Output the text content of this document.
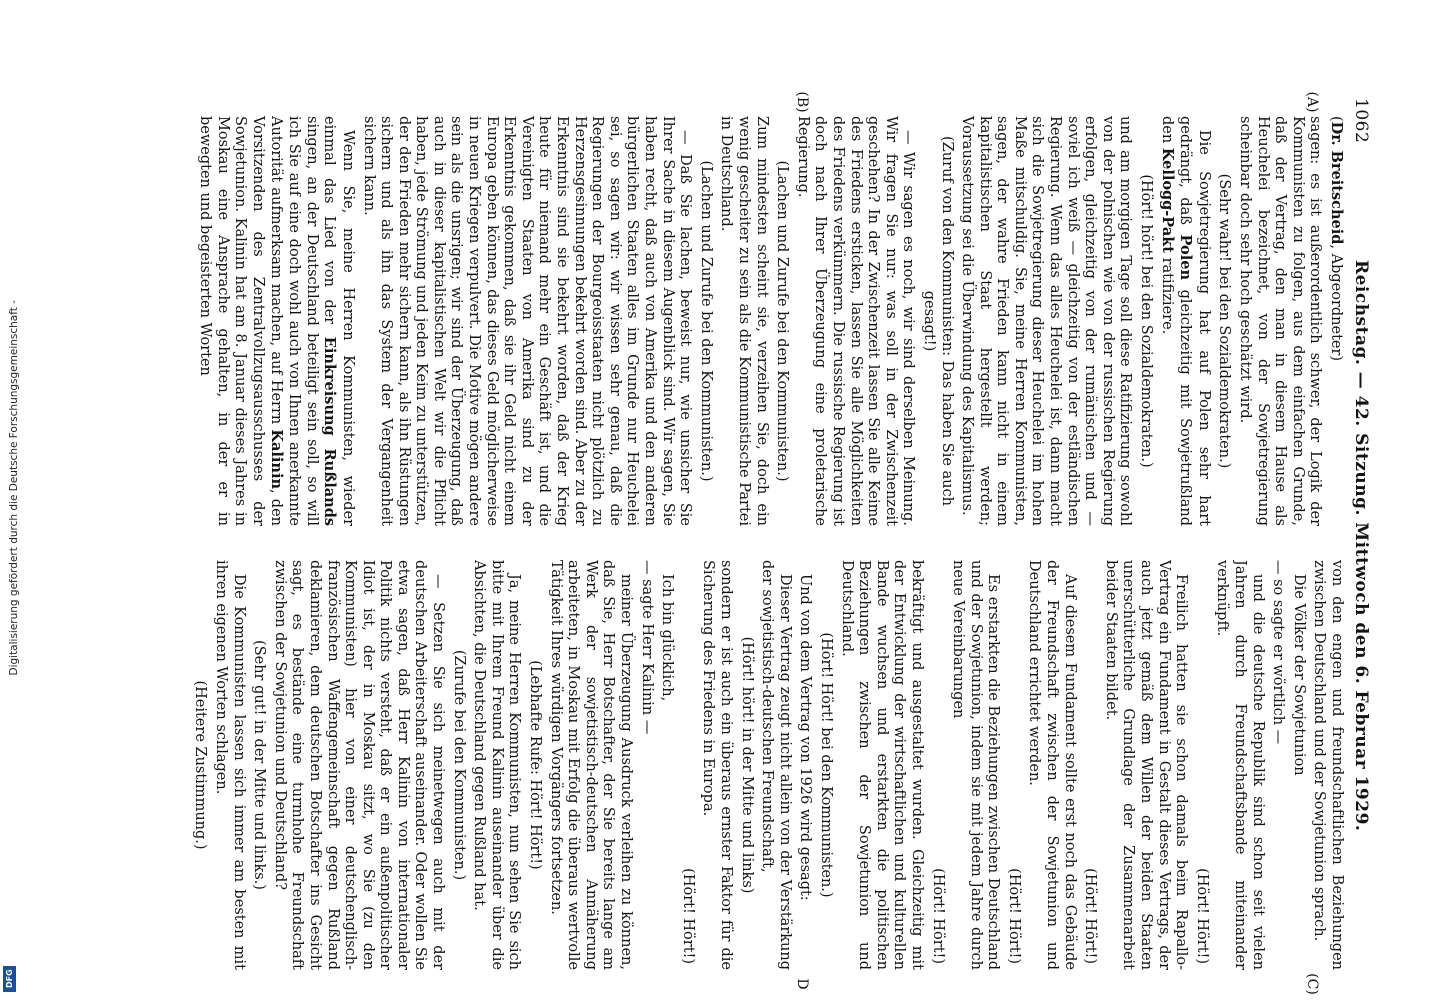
1062
Reichstag. — 42. Sitzung. Mittwoch den 6. Februar 1929.
(A)
(B)
(C)
D

(Dr. Breitscheid, Abgeordneter)

sagen: es ist außerordentlich schwer, der Logik der Kommunisten zu folgen, aus dem einfachen Grunde, daß der Vertrag, den man in diesem Hause als Heuchelei bezeichnet, von der Sowjetregierung scheinbar doch sehr hoch geschätzt wird.

(Sehr wahr! bei den Sozialdemokraten.)

Die Sowjetregierung hat auf Polen sehr hart gedrängt, daß Polen gleichzeitig mit Sowjetrußland den Kellogg-Pakt ratifiziere.

(Hört! hört! bei den Sozialdemokraten.)

und am morgigen Tage soll diese Ratifizierung sowohl von der polnischen wie von der russischen Regierung erfolgen, gleichzeitig von der rumänischen und — soviel ich weiß — gleichzeitig von der estländischen Regierung. Wenn das alles Heuchelei ist, dann macht sich die Sowjetregierung dieser Heuchelei im hohen Maße mitschuldig. Sie, meine Herren Kommunisten, sagen, der wahre Frieden kann nicht in einem kapitalistischen Staat hergestellt werden; Voraussetzung sei die Überwindung des Kapitalismus.

(Zuruf von den Kommunisten: Das haben Sie auch gesagt!)

— Wir sagen es noch, wir sind derselben Meinung. Wir fragen Sie nur: was soll in der Zwischenzeit geschehen? In der Zwischenzeit lassen Sie alle Keime des Friedens ersticken, lassen Sie alle Möglichkeiten des Friedens verkümmern. Die russische Regierung ist doch nach Ihrer Überzeugung eine proletarische Regierung.

(Lachen und Zurufe bei den Kommunisten.)

Zum mindesten scheint sie, verzeihen Sie, doch ein wenig gescheiter zu sein als die Kommunistische Partei in Deutschland.

(Lachen und Zurufe bei den Kommunisten.)

— Daß Sie lachen, beweist nur, wie unsicher Sie Ihrer Sache in diesem Augenblick sind. Wir sagen, Sie haben recht, daß auch von Amerika und den anderen bürgerlichen Staaten alles im Grunde nur Heuchelei sei, so sagen wir: wir wissen sehr genau, daß die Regierungen der Bourgeoisstaaten nicht plötzlich zu Herzensgesinnungen bekehrt worden sind. Aber zu der Erkenntnis sind sie bekehrt worden, daß der Krieg heute für niemand mehr ein Geschäft ist, und die Vereinigten Staaten von Amerika sind zu der Erkenntnis gekommen, daß sie ihr Geld nicht einem Europa geben können, das dieses Geld möglicherweise in neuen Kriegen verpulvert. Die Motive mögen andere sein als die unsrigen; wir sind der Überzeugung, daß auch in dieser kapitalistischen Welt wir die Pflicht haben, jede Strömung und jeden Keim zu unterstützen, der den Frieden mehr sichern kann, als ihn Rüstungen sichern und als ihn das System der Vergangenheit sichern kann.

Wenn Sie, meine Herren Kommunisten, wieder einmal das Lied von der Einkreisung Rußlands singen, an der Deutschland beteiligt sein soll, so will ich Sie auf eine doch wohl auch von Ihnen anerkannte Autorität aufmerksam machen, auf Herrn Kalinin, den Vorsitzenden des Zentralvollzugsausschusses der Sowjetunion. Kalinin hat am 8. Januar dieses Jahres in Moskau eine Ansprache gehalten, in der er in bewegten und begeisterten Worten

von den engen und freundschaftlichen Beziehungen zwischen Deutschland und der Sowjetunion sprach.

Die Völker der Sowjetunion

— so sagte er wörtlich —

und die deutsche Republik sind schon seit vielen Jahren durch Freundschaftsbande miteinander verknüpft.

(Hört! Hört!)

Freilich hatten sie schon damals beim Rapallo-Vertrag ein Fundament in Gestalt dieses Vertrags, der auch jetzt gemäß dem Willen der beiden Staaten unerschütterliche Grundlage der Zusammenarbeit beider Staaten bildet.

(Hört! Hört!)

Auf diesem Fundament sollte erst noch das Gebäude der Freundschaft zwischen der Sowjetunion und Deutschland errichtet werden.

(Hört! Hört!)

Es erstarkten die Beziehungen zwischen Deutschland und der Sowjetunion, indem sie mit jedem Jahre durch neue Vereinbarungen

(Hört! Hört!)

bekräftigt und ausgestaltet wurden. Gleichzeitig mit der Entwicklung der wirtschaftlichen und kulturellen Bande wuchsen und erstarkten die politischen Beziehungen zwischen der Sowjetunion und Deutschland.

(Hört! Hört! bei den Kommunisten.)

Und von dem Vertrag von 1926 wird gesagt:

Dieser Vertrag zeugt nicht allein von der Verstärkung der sowjetistisch-deutschen Freundschaft,

(Hört! hört! in der Mitte und links)

sondern er ist auch ein überaus ernster Faktor für die Sicherung des Friedens in Europa.

(Hört! Hört!)

Ich bin glücklich,

— sagte Herr Kalinin —

meiner Überzeugung Ausdruck verleihen zu können, daß Sie, Herr Botschafter, der Sie bereits lange am Werk der sowjetistisch-deutschen Annäherung arbeiteten, in Moskau mit Erfolg die überaus wertvolle Tätigkeit Ihres würdigen Vorgängers fortsetzen.

(Lebhafte Rufe: Hört! Hört!)

Ja, meine Herren Kommunisten, nun sehen Sie sich bitte mit Ihrem Freund Kalinin auseinander über die Absichten, die Deutschland gegen Rußland hat.

(Zurufe bei den Kommunisten.)

— Setzen Sie sich meinetwegen auch mit der deutschen Arbeiterschaft auseinander. Oder wollen Sie etwa sagen, daß Herr Kalinin von internationaler Politik nichts versteht, daß er ein außenpolitischer Idiot ist, der in Moskau sitzt, wo Sie (zu den Kommunisten) hier von einer deutschenglisch-französischen Waffengemeinschaft gegen Rußland deklamieren, dem deutschen Botschafter ins Gesicht sagt, es bestände eine turmhohe Freundschaft zwischen der Sowjetunion und Deutschland?

(Sehr gut! in der Mitte und links.)

Die Kommunisten lassen sich immer am besten mit ihren eigenen Worten schlagen.

(Heitere Zustimmung.)

Digitalisierung gefördert durch die Deutsche Forschungsgemeinschaft -
DFG
